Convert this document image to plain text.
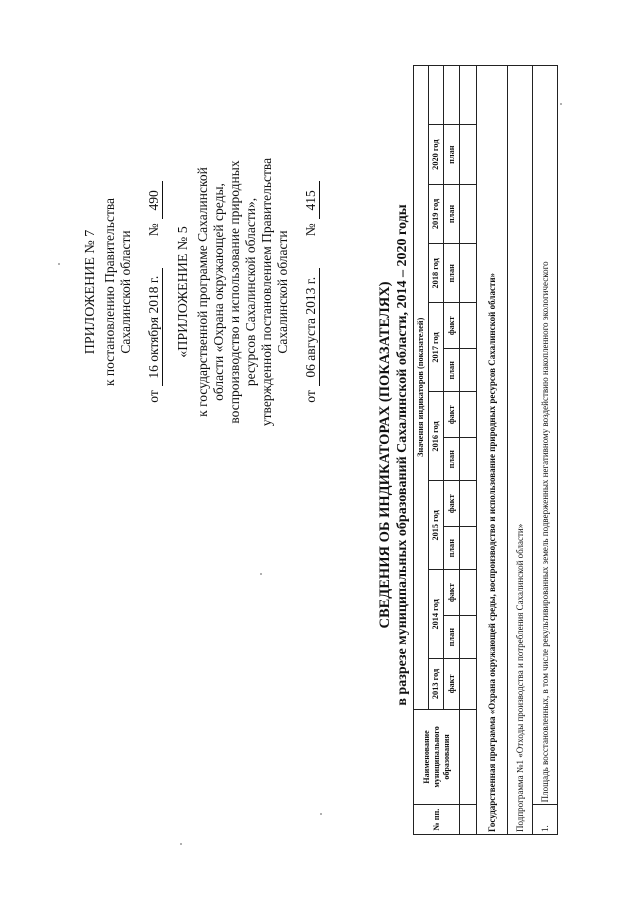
ПРИЛОЖЕНИЕ № 7 к постановлению Правительства Сахалинской области
от
16 октября 2018 г.
№
490
«ПРИЛОЖЕНИЕ № 5 к государственной программе Сахалинской области «Охрана окружающей среды, воспроизводство и использование природных ресурсов Сахалинской области», утвержденной постановлением Правительства Сахалинской области
от
06 августа 2013 г.
№
415
СВЕДЕНИЯ ОБ ИНДИКАТОРАХ (ПОКАЗАТЕЛЯХ) в разрезе муниципальных образований Сахалинской области, 2014 – 2020 годы
№ пп.	Наименование муниципального образования	Значения индикаторов (показателей)												
		2013 год	2014 год		2015 год		2016 год		2017 год		2018 год	2019 год	2020 год	
		факт	план	факт	план	факт	план	факт	план	факт	план	план	план	

Государственная программа «Охрана окружающей среды, воспроизводство и использование природных ресурсов Сахалинской области»														
Подпрограмма №1 «Отходы производства и потребления Сахалинской области»														
1.	Площадь восстановленных, в том числе рекультивированных земель подверженных негативному воздействию накопленного экологического													
